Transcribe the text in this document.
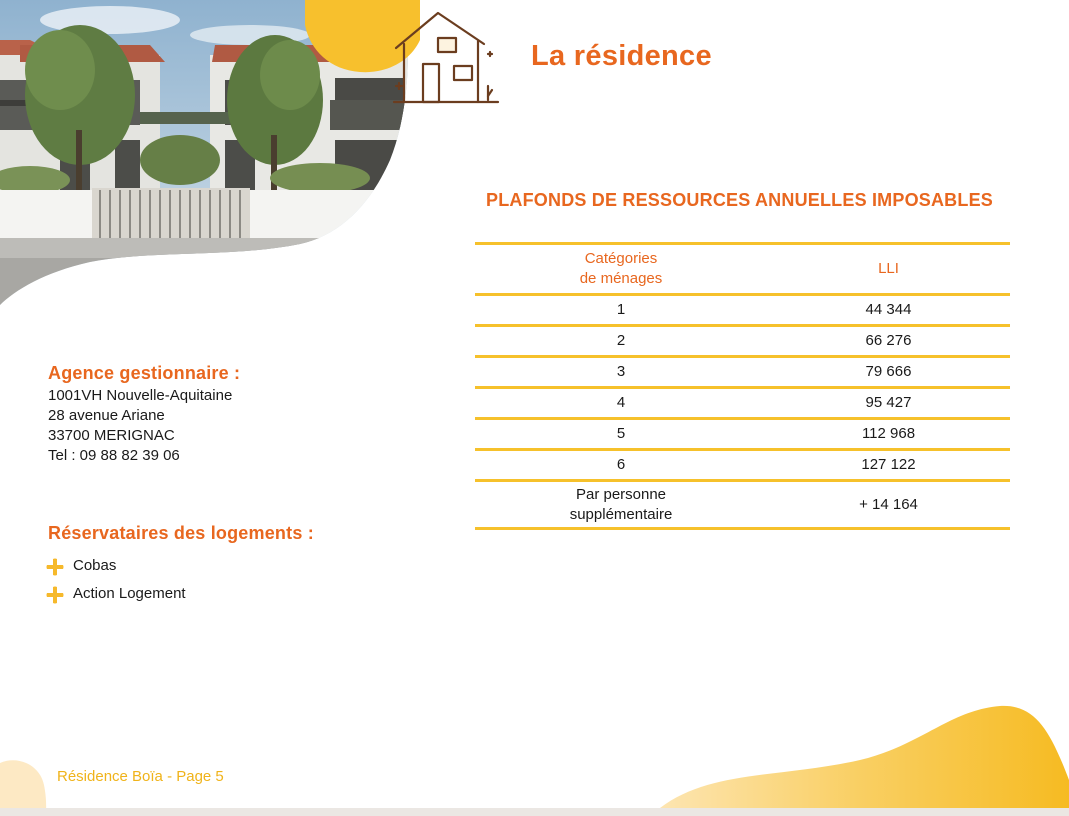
La résidence
PLAFONDS DE RESSOURCES ANNUELLES IMPOSABLES
Catégories
de ménages	LLI
1	44 344
2	66 276
3	79 666
4	95 427
5	112 968
6	127 122

Par personne
supplémentaire	+ 14 164
Agence gestionnaire :
1001VH Nouvelle-Aquitaine
28 avenue Ariane
33700 MERIGNAC
Tel : 09 88 82 39 06
Réservataires des logements :
Cobas
Action Logement
Résidence Boïa - Page 5
